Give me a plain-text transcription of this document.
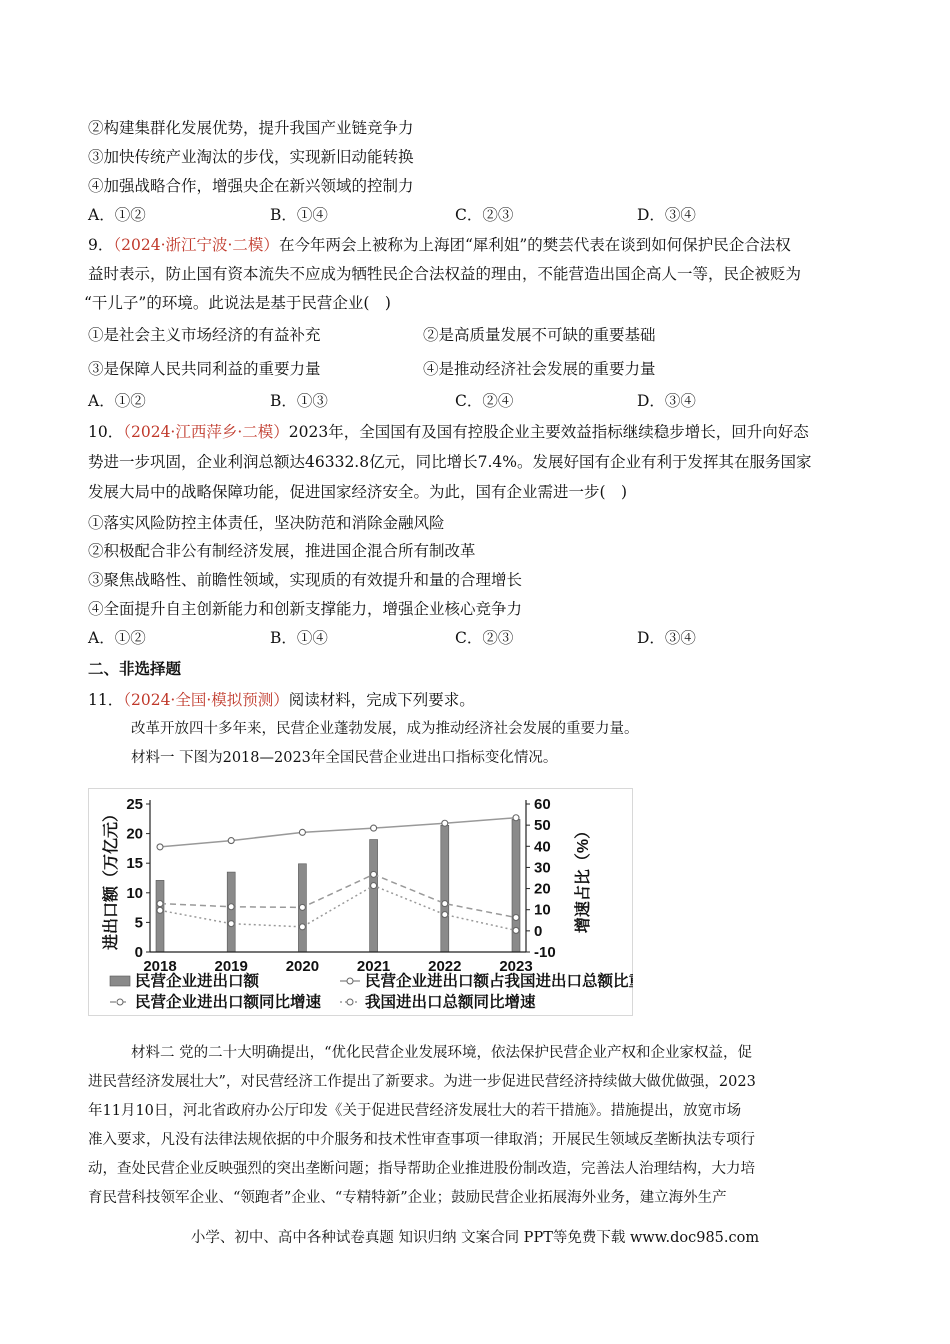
②构建集群化发展优势，提升我国产业链竞争力
③加快传统产业淘汰的步伐，实现新旧动能转换
④加强战略合作，增强央企在新兴领域的控制力
A．①②	B．①④	C．②③	D．③④
9．（2024·浙江宁波·二模）在今年两会上被称为上海团“犀利姐”的樊芸代表在谈到如何保护民企合法权
益时表示，防止国有资本流失不应成为牺牲民企合法权益的理由，不能营造出国企高人一等，民企被贬为
“干儿子”的环境。此说法是基于民营企业(　)
①是社会主义市场经济的有益补充	②是高质量发展不可缺的重要基础
③是保障人民共同利益的重要力量	④是推动经济社会发展的重要力量
A．①②	B．①③	C．②④	D．③④
10．（2024·江西萍乡·二模）2023年，全国国有及国有控股企业主要效益指标继续稳步增长，回升向好态
势进一步巩固，企业利润总额达46332.8亿元，同比增长7.4%。发展好国有企业有利于发挥其在服务国家
发展大局中的战略保障功能，促进国家经济安全。为此，国有企业需进一步(　)
①落实风险防控主体责任，坚决防范和消除金融风险
②积极配合非公有制经济发展，推进国企混合所有制改革
③聚焦战略性、前瞻性领域，实现质的有效提升和量的合理增长
④全面提升自主创新能力和创新支撑能力，增强企业核心竞争力
A．①②	B．①④	C．②③	D．③④
二、非选择题
11．（2024·全国·模拟预测）阅读材料，完成下列要求。
改革开放四十多年来，民营企业蓬勃发展，成为推动经济社会发展的重要力量。
材料一 下图为2018—2023年全国民营企业进出口指标变化情况。
0
5
10
15
20
25
-10
0
10
20
30
40
50
60
2018	2019	2020	2021	2022	2023
进出口额（万亿元）	增速占比（%）
民营企业进出口额	民营企业进出口额占我国进出口总额比重
民营企业进出口额同比增速	我国进出口总额同比增速
材料二 党的二十大明确提出，“优化民营企业发展环境，依法保护民营企业产权和企业家权益，促
进民营经济发展壮大”，对民营经济工作提出了新要求。为进一步促进民营经济持续做大做优做强，2023
年11月10日，河北省政府办公厅印发《关于促进民营经济发展壮大的若干措施》。措施提出，放宽市场
准入要求，凡没有法律法规依据的中介服务和技术性审查事项一律取消；开展民生领域反垄断执法专项行
动，查处民营企业反映强烈的突出垄断问题；指导帮助企业推进股份制改造，完善法人治理结构，大力培
育民营科技领军企业、“领跑者”企业、“专精特新”企业；鼓励民营企业拓展海外业务，建立海外生产
小学、初中、高中各种试卷真题 知识归纳 文案合同 PPT等免费下载 www.doc985.com
